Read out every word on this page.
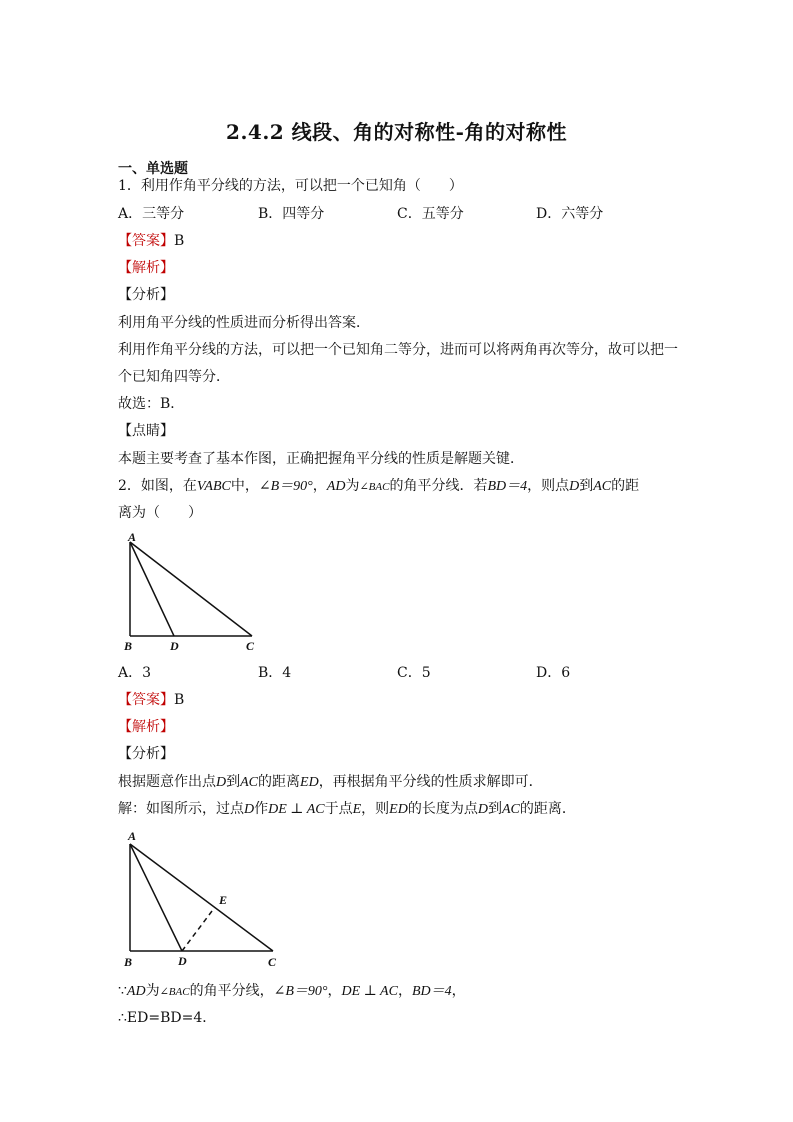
2.4.2 线段、角的对称性-角的对称性
一、单选题
1．利用作角平分线的方法，可以把一个已知角（　　）
A．三等分	B．四等分	C．五等分	D．六等分
【答案】B
【解析】
【分析】
利用角平分线的性质进而分析得出答案．
利用作角平分线的方法，可以把一个已知角二等分，进而可以将两角再次等分，故可以把一
个已知角四等分．
故选：B．
【点睛】
本题主要考查了基本作图，正确把握角平分线的性质是解题关键．
2．如图，在VABC中，∠B＝90°，AD为∠BAC的角平分线．若BD＝4，则点D到AC的距
离为（　　）
A
B	D	C
A．3	B．4	C．5	D．6
【答案】B
【解析】
【分析】
根据题意作出点D到AC的距离ED，再根据角平分线的性质求解即可．
解：如图所示，过点D作DE ⊥ AC于点E，则ED的长度为点D到AC的距离．
A
B	D	C
E
∵AD为∠BAC的角平分线，∠B＝90°，DE ⊥ AC，BD＝4，
∴ED=BD=4．
